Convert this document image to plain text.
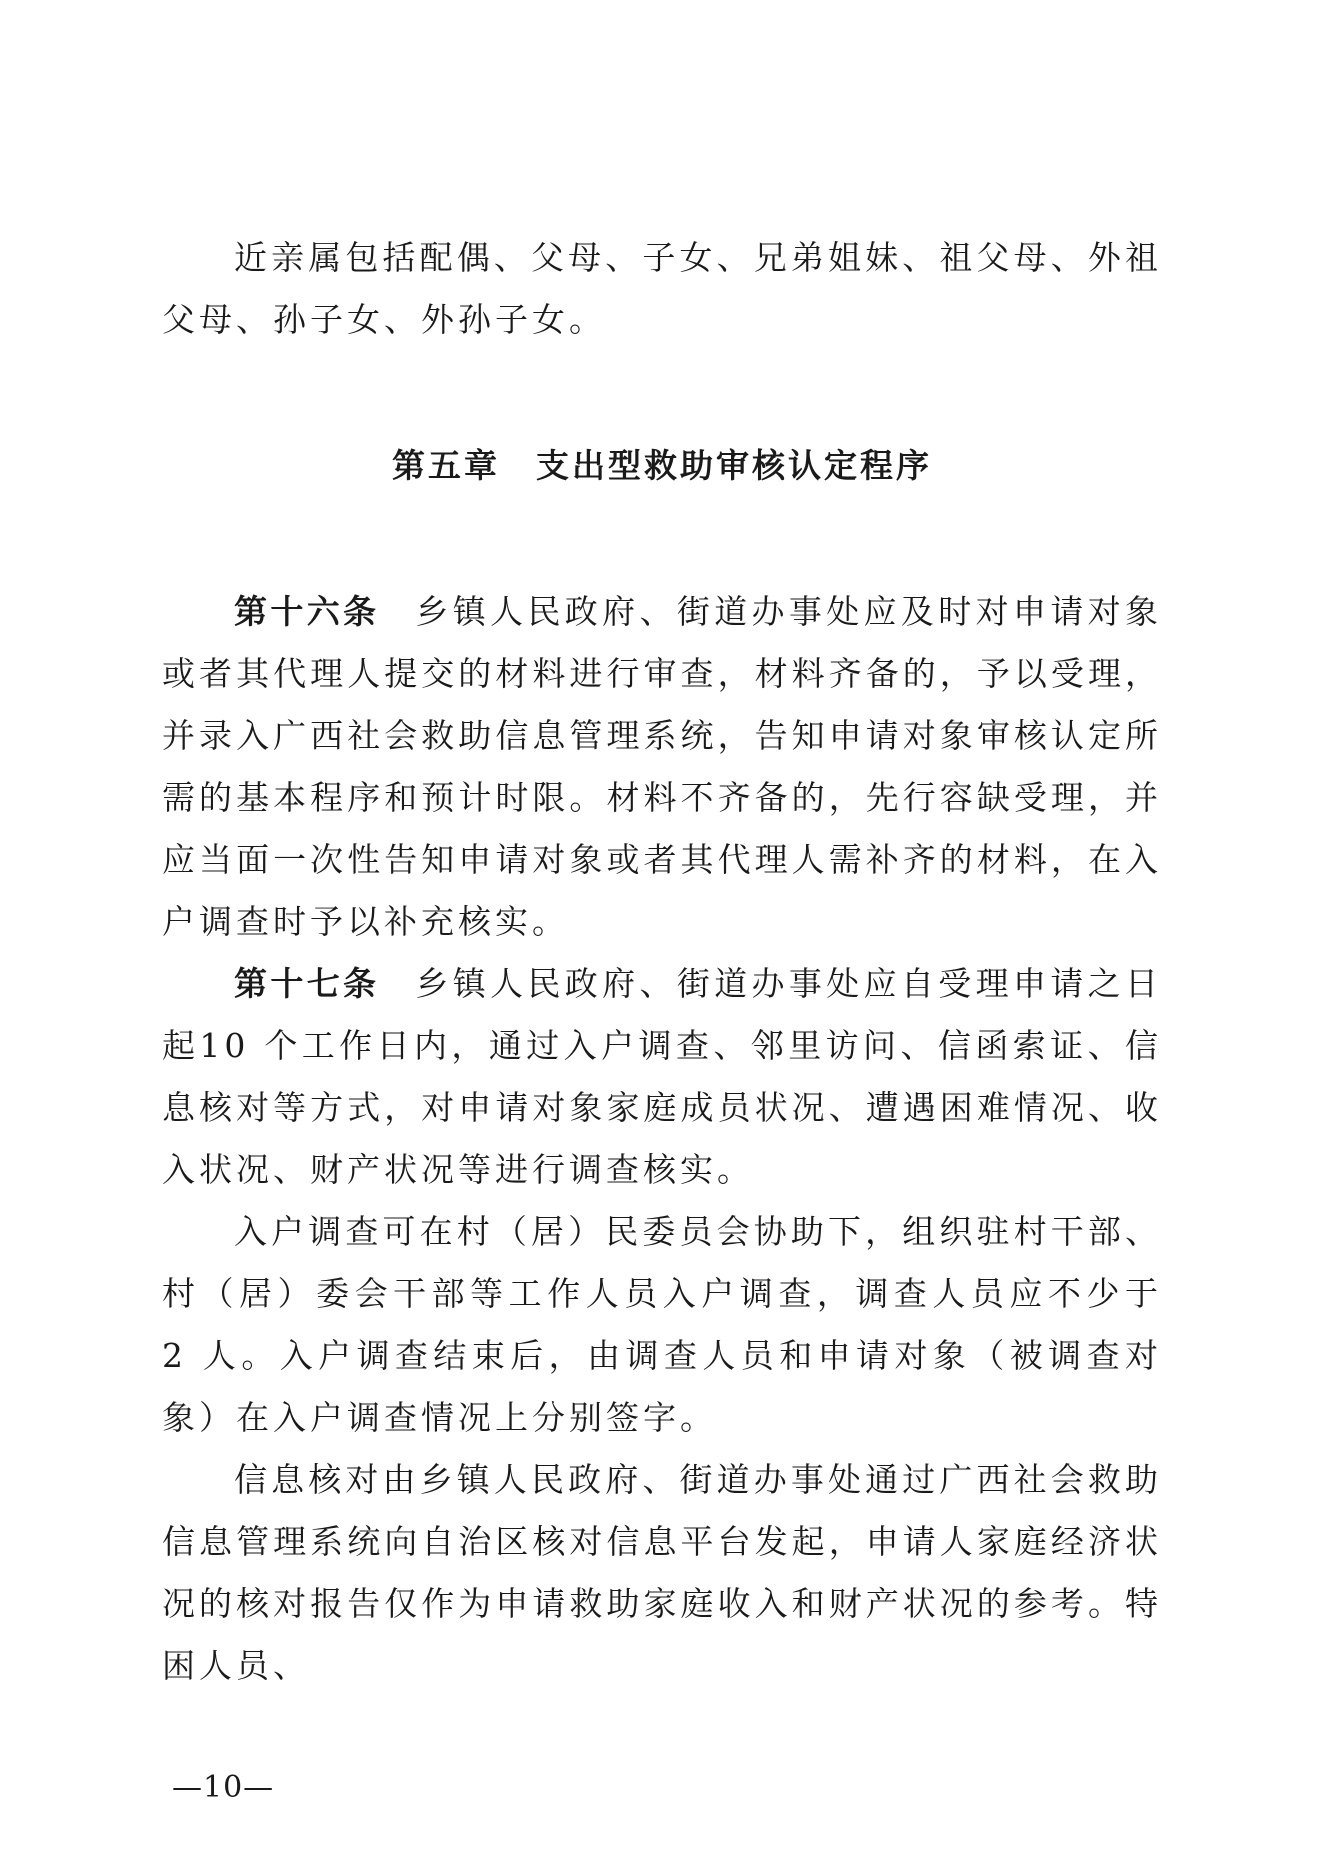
近亲属包括配偶、父母、子女、兄弟姐妹、祖父母、外祖父母、孙子女、外孙子女。

第五章　支出型救助审核认定程序

第十六条 乡镇人民政府、街道办事处应及时对申请对象或者其代理人提交的材料进行审查，材料齐备的，予以受理，并录入广西社会救助信息管理系统，告知申请对象审核认定所需的基本程序和预计时限。材料不齐备的，先行容缺受理，并应当面一次性告知申请对象或者其代理人需补齐的材料，在入户调查时予以补充核实。

第十七条 乡镇人民政府、街道办事处应自受理申请之日起10 个工作日内，通过入户调查、邻里访问、信函索证、信息核对等方式，对申请对象家庭成员状况、遭遇困难情况、收入状况、财产状况等进行调查核实。

入户调查可在村（居）民委员会协助下，组织驻村干部、村（居）委会干部等工作人员入户调查，调查人员应不少于 2 人。入户调查结束后，由调查人员和申请对象（被调查对象）在入户调查情况上分别签字。

信息核对由乡镇人民政府、街道办事处通过广西社会救助信息管理系统向自治区核对信息平台发起，申请人家庭经济状况的核对报告仅作为申请救助家庭收入和财产状况的参考。特困人员、

—10—
